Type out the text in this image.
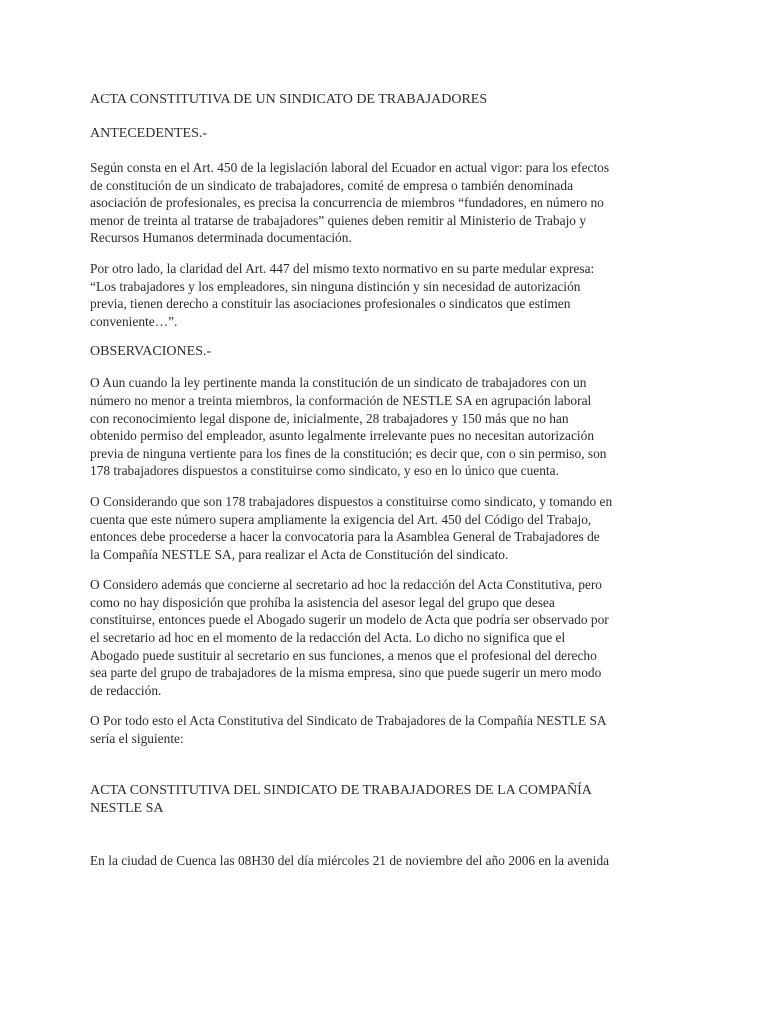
ACTA CONSTITUTIVA DE UN SINDICATO DE TRABAJADORES

ANTECEDENTES.-

Según consta en el Art. 450 de la legislación laboral del Ecuador en actual vigor: para los efectos
de constitución de un sindicato de trabajadores, comité de empresa o también denominada
asociación de profesionales, es precisa la concurrencia de miembros “fundadores, en número no
menor de treinta al tratarse de trabajadores” quienes deben remitir al Ministerio de Trabajo y
Recursos Humanos determinada documentación.

Por otro lado, la claridad del Art. 447 del mismo texto normativo en su parte medular expresa:
“Los trabajadores y los empleadores, sin ninguna distinción y sin necesidad de autorización
previa, tienen derecho a constituir las asociaciones profesionales o sindicatos que estimen
conveniente…”.

OBSERVACIONES.-

O Aun cuando la ley pertinente manda la constitución de un sindicato de trabajadores con un
número no menor a treinta miembros, la conformación de NESTLE SA en agrupación laboral
con reconocimiento legal dispone de, inicialmente, 28 trabajadores y 150 más que no han
obtenido permiso del empleador, asunto legalmente irrelevante pues no necesitan autorización
previa de ninguna vertiente para los fines de la constitución; es decir que, con o sin permiso, son
178 trabajadores dispuestos a constituirse como sindicato, y eso en lo único que cuenta.

O Considerando que son 178 trabajadores dispuestos a constituirse como sindicato, y tomando en
cuenta que este número supera ampliamente la exigencia del Art. 450 del Código del Trabajo,
entonces debe procederse a hacer la convocatoria para la Asamblea General de Trabajadores de
la Compañía NESTLE SA, para realizar el Acta de Constitución del sindicato.

O Considero además que concierne al secretario ad hoc la redacción del Acta Constitutiva, pero
como no hay disposición que prohíba la asistencia del asesor legal del grupo que desea
constituirse, entonces puede el Abogado sugerir un modelo de Acta que podría ser observado por
el secretario ad hoc en el momento de la redacción del Acta. Lo dicho no significa que el
Abogado puede sustituir al secretario en sus funciones, a menos que el profesional del derecho
sea parte del grupo de trabajadores de la misma empresa, sino que puede sugerir un mero modo
de redacción.

O Por todo esto el Acta Constitutiva del Sindicato de Trabajadores de la Compañía NESTLE SA
sería el siguiente:

ACTA CONSTITUTIVA DEL SINDICATO DE TRABAJADORES DE LA COMPAÑÍA
NESTLE SA

En la ciudad de Cuenca las 08H30 del día miércoles 21 de noviembre del año 2006 en la avenida
